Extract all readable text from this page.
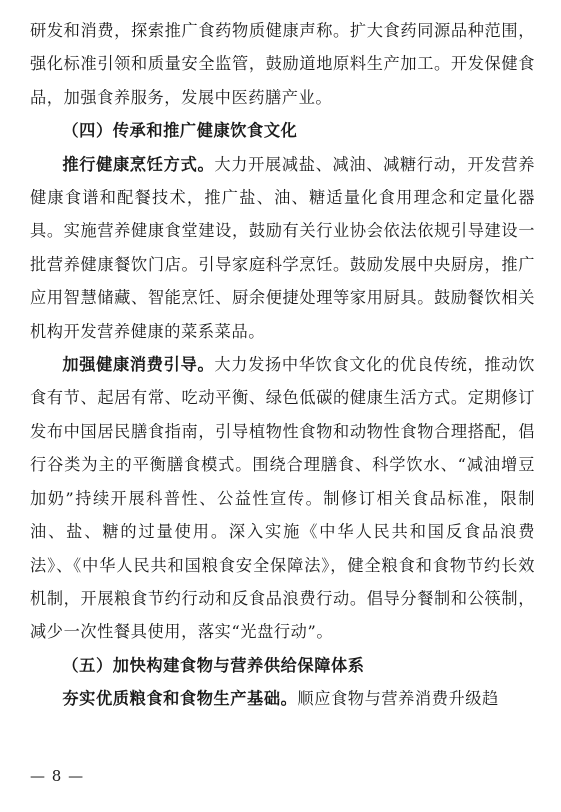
研发和消费，探索推广食药物质健康声称。扩大食药同源品种范围，强化标准引领和质量安全监管，鼓励道地原料生产加工。开发保健食品，加强食养服务，发展中医药膳产业。

（四）传承和推广健康饮食文化

推行健康烹饪方式。大力开展减盐、减油、减糖行动，开发营养健康食谱和配餐技术，推广盐、油、糖适量化食用理念和定量化器具。实施营养健康食堂建设，鼓励有关行业协会依法依规引导建设一批营养健康餐饮门店。引导家庭科学烹饪。鼓励发展中央厨房，推广应用智慧储藏、智能烹饪、厨余便捷处理等家用厨具。鼓励餐饮相关机构开发营养健康的菜系菜品。

加强健康消费引导。大力发扬中华饮食文化的优良传统，推动饮食有节、起居有常、吃动平衡、绿色低碳的健康生活方式。定期修订发布中国居民膳食指南，引导植物性食物和动物性食物合理搭配，倡行谷类为主的平衡膳食模式。围绕合理膳食、科学饮水、“减油增豆加奶”持续开展科普性、公益性宣传。制修订相关食品标准，限制油、盐、糖的过量使用。深入实施《中华人民共和国反食品浪费法》、《中华人民共和国粮食安全保障法》，健全粮食和食物节约长效机制，开展粮食节约行动和反食品浪费行动。倡导分餐制和公筷制，减少一次性餐具使用，落实“光盘行动”。

（五）加快构建食物与营养供给保障体系

夯实优质粮食和食物生产基础。顺应食物与营养消费升级趋

— 8 —
